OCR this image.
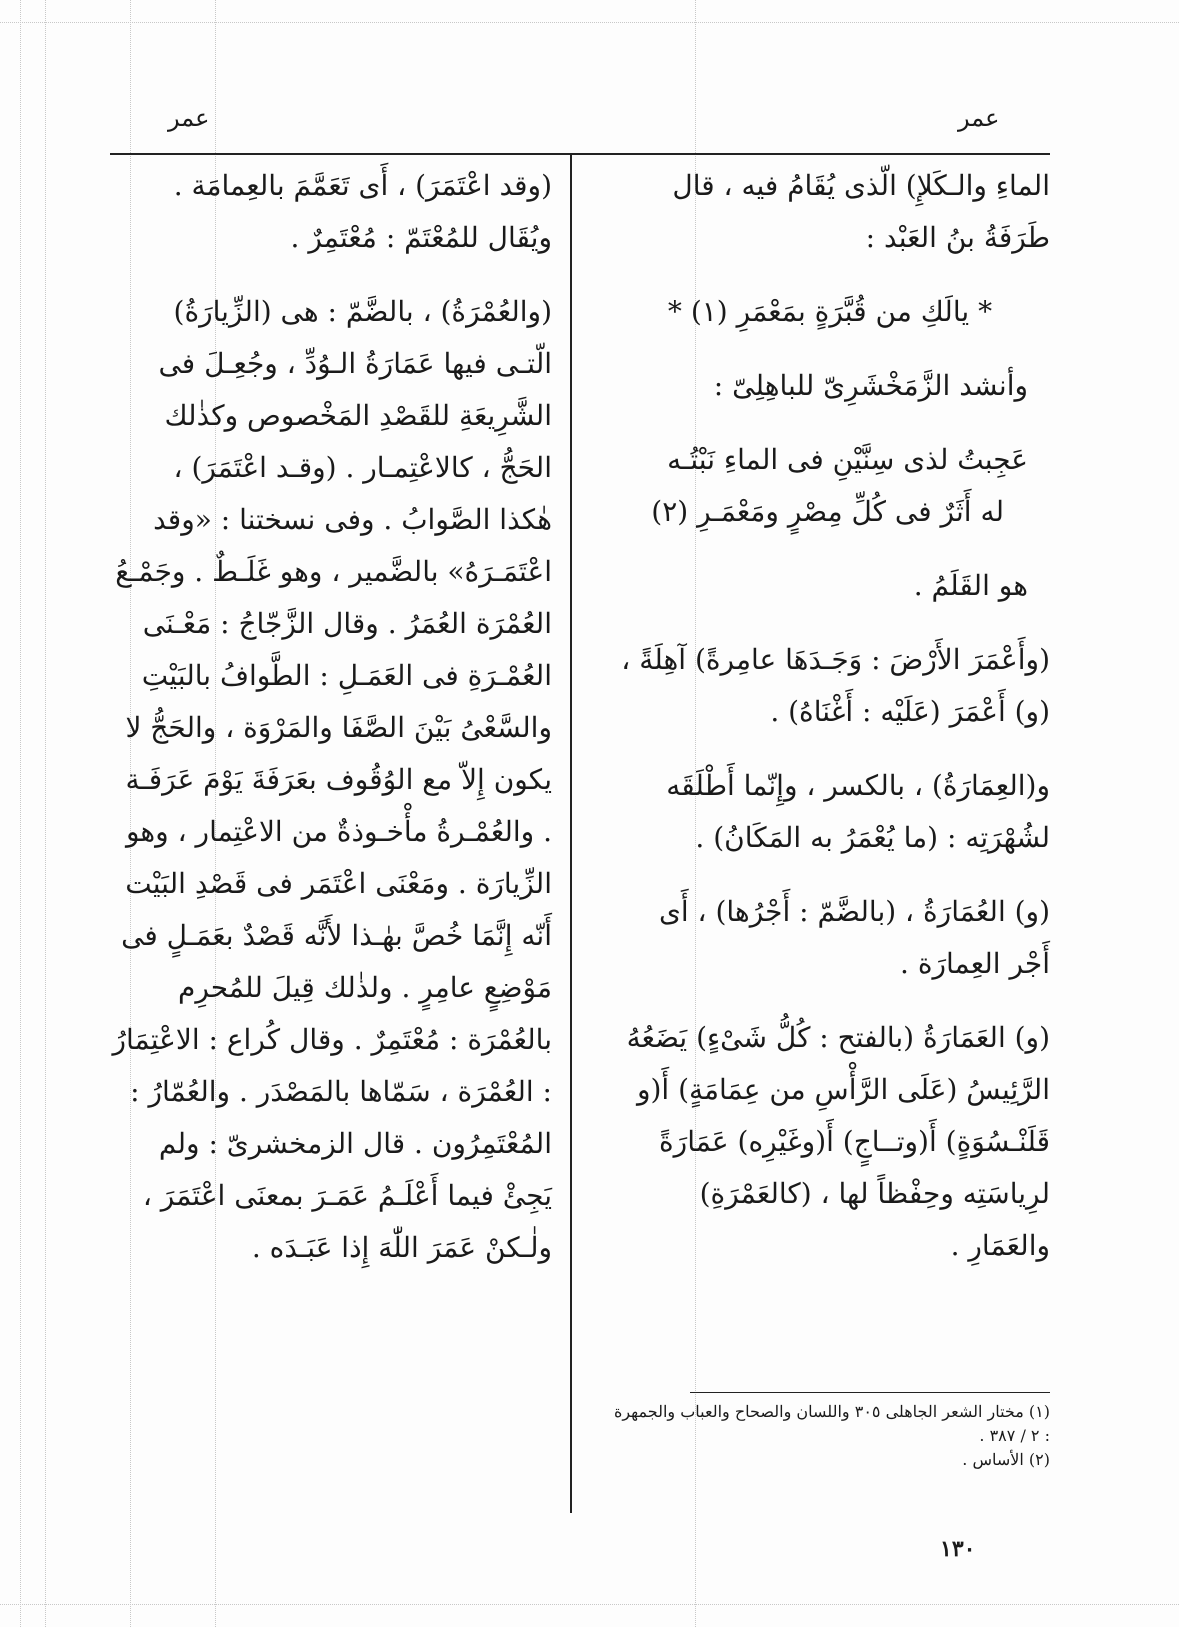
عمر
عمر

الماءِ والـكَلإِ) الّذى يُقَامُ فيه ، قال طَرَفَةُ بنُ العَبْد :

* يالَكِ من قُبَّرَةٍ بمَعْمَرِ (١) *

وأنشد الزَّمَخْشَرِىّ للباهِلِىّ :

عَجِبتُ لذى سِنَّيْنِ فى الماءِ نَبْتُـه
له أَثَرٌ فى كُلِّ مِصْرٍ ومَعْمَـرِ (٢)

هو القَلَمُ .

(وأَعْمَرَ الأَرْضَ : وَجَـدَهَا عامِرةً) آهِلَةً ، (و) أَعْمَرَ (عَلَيْه : أَغْنَاهُ) .

و(العِمَارَةُ) ، بالكسر ، وإِنّما أَطْلَقَه لشُهْرَتِه : (ما يُعْمَرُ به المَكَانُ) .

(و) العُمَارَةُ ، (بالضَّمّ : أَجْرُها) ، أَى أَجْر العِمارَة .

(و) العَمَارَةُ (بالفتح : كُلُّ شَىْءٍ) يَضَعُهُ الرَّئِيسُ (عَلَى الرَّأْسِ من عِمَامَةٍ) أَ(و قَلَنْـسُوَةٍ) أَ(وتــاجٍ) أَ(وغَيْرِه) عَمَارَةً لرِياسَتِه وحِفْظاً لها ، (كالعَمْرَةِ) والعَمَارِ .

(وقد اعْتَمَرَ) ، أَى تَعَمَّمَ بالعِمامَة . ويُقَال للمُعْتَمّ : مُعْتَمِرٌ .

(والعُمْرَةُ) ، بالضَّمّ : هى (الزِّيارَةُ) الّتـى فيها عَمَارَةُ الـوُدِّ ، وجُعِـلَ فى الشَّرِيعَةِ للقَصْدِ المَخْصوص وكذٰلك الحَجُّ ، كالاعْتِمـار . (وقـد اعْتَمَرَ) ، هٰكذا الصَّوابُ . وفى نسختنا : «وقد اعْتَمَـرَهُ» بالضَّمير ، وهو غَلَـطٌ . وجَمْـعُ العُمْرَة العُمَرُ . وقال الزَّجّاجُ : مَعْـنَى العُمْـرَةِ فى العَمَـلِ : الطَّوافُ بالبَيْتِ والسَّعْىُ بَيْنَ الصَّفَا والمَرْوَة ، والحَجُّ لا يكون إِلاّ مع الوُقُوف بعَرَفَةَ يَوْمَ عَرَفَـة . والعُمْـرةُ مأْخـوذةٌ من الاعْتِمار ، وهو الزِّيارَة . ومَعْنَى اعْتَمَر فى قَصْدِ البَيْت أَنّه إِنَّمَا خُصَّ بهٰـذا لأَنَّه قَصْدٌ بعَمَـلٍ فى مَوْضِعٍ عامِرٍ . ولذٰلك قِيلَ للمُحرِم بالعُمْرَة : مُعْتَمِرٌ . وقال كُراع : الاعْتِمَارُ : العُمْرَة ، سَمّاها بالمَصْدَر . والعُمّارُ : المُعْتَمِرُون . قال الزمخشرىّ : ولم يَجِئْ فيما أَعْلَـمُ عَمَـرَ بمعنَى اعْتَمَرَ ، ولٰـكنْ عَمَرَ اللّٰهَ إِذا عَبَـدَه .

(١) مختار الشعر الجاهلى ٣٠٥ واللسان والصحاح والعباب والجمهرة : ٢ / ٣٨٧ .
(٢) الأساس .
١٣٠
